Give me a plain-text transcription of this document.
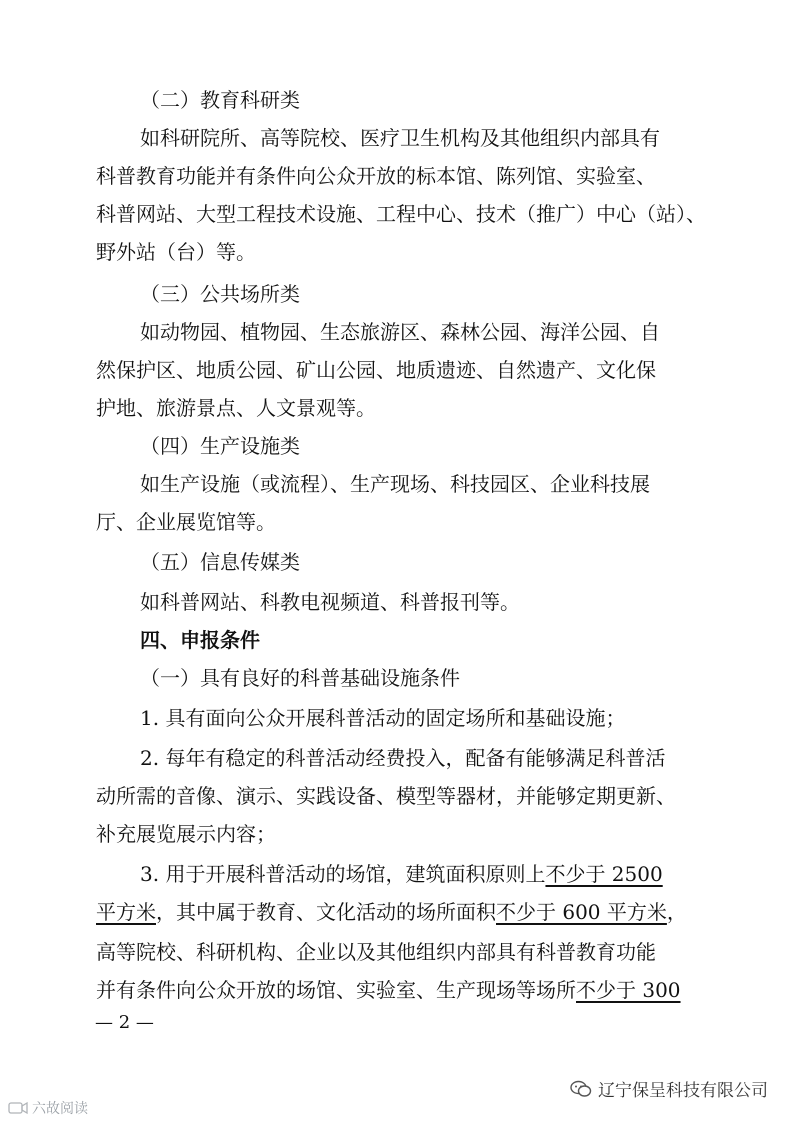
（二）教育科研类
如科研院所、高等院校、医疗卫生机构及其他组织内部具有
科普教育功能并有条件向公众开放的标本馆、陈列馆、实验室、
科普网站、大型工程技术设施、工程中心、技术（推广）中心（站）、
野外站（台）等。
（三）公共场所类
如动物园、植物园、生态旅游区、森林公园、海洋公园、自
然保护区、地质公园、矿山公园、地质遗迹、自然遗产、文化保
护地、旅游景点、人文景观等。
（四）生产设施类
如生产设施（或流程）、生产现场、科技园区、企业科技展
厅、企业展览馆等。
（五）信息传媒类
如科普网站、科教电视频道、科普报刊等。
四、申报条件
（一）具有良好的科普基础设施条件
1. 具有面向公众开展科普活动的固定场所和基础设施；
2. 每年有稳定的科普活动经费投入，配备有能够满足科普活
动所需的音像、演示、实践设备、模型等器材，并能够定期更新、
补充展览展示内容；
3. 用于开展科普活动的场馆，建筑面积原则上不少于 2500
平方米，其中属于教育、文化活动的场所面积不少于 600 平方米，
高等院校、科研机构、企业以及其他组织内部具有科普教育功能
并有条件向公众开放的场馆、实验室、生产现场等场所不少于 300
— 2 —
辽宁保呈科技有限公司
六故阅读
